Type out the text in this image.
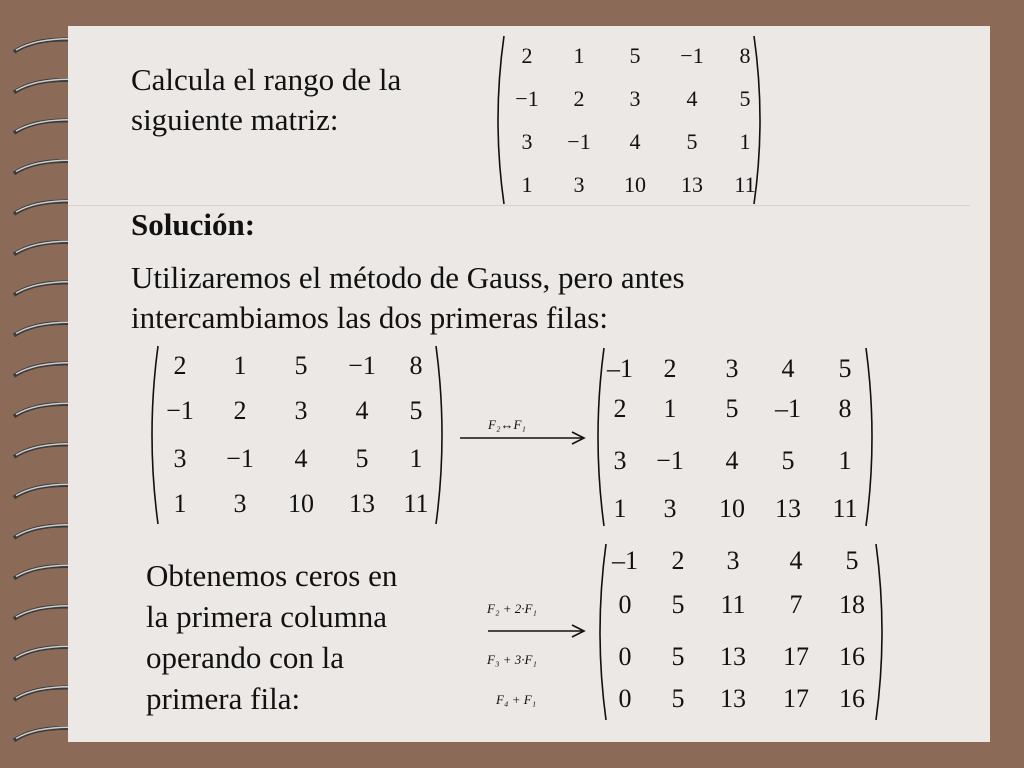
Calcula el rango de la
siguiente matriz:
2	1	5	−1	8
−1	2	3	4	5
3	−1	4	5	1
1	3	10	13	11
Solución:
Utilizaremos el método de Gauss, pero antes
intercambiamos las dos primeras filas:
2	1	5	−1	8
−1	2	3	4	5
3	−1	4	5	1
1	3	10	13	11
F₂↔F₁
–1	2	3	4	5
2	1	5	–1	8
3	−1	4	5	1
1	3	10	13	11
Obtenemos ceros en
la primera columna
operando con la
primera fila:
F₂ + 2·F₁
F₃ + 3·F₁
F₄ + F₁
–1	2	3	4	5
0	5	11	7	18
0	5	13	17	16
0	5	13	17	16
